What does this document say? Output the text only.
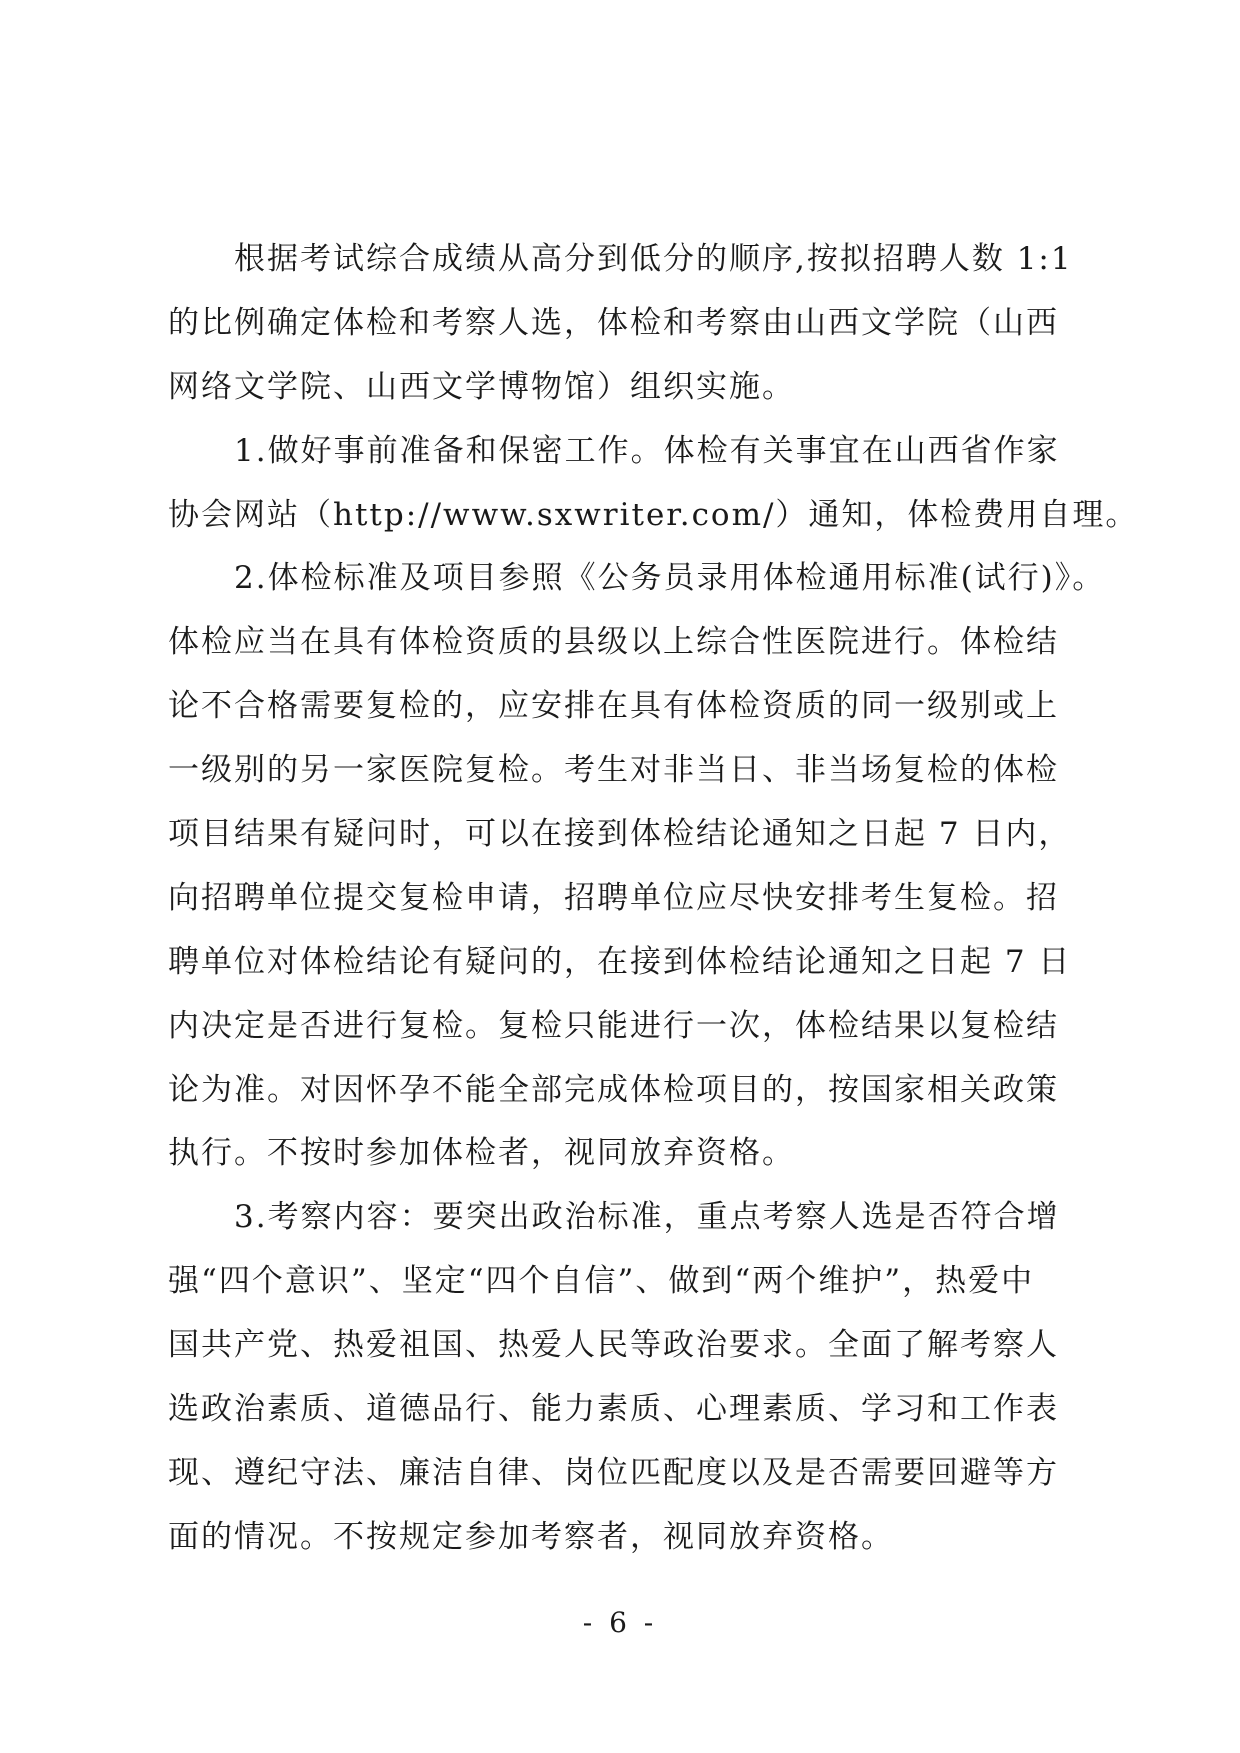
根据考试综合成绩从高分到低分的顺序,按拟招聘人数 1:1
的比例确定体检和考察人选，体检和考察由山西文学院（山西
网络文学院、山西文学博物馆）组织实施。
1.做好事前准备和保密工作。体检有关事宜在山西省作家
协会网站（http://www.sxwriter.com/）通知，体检费用自理。
2.体检标准及项目参照《公务员录用体检通用标准(试行)》。
体检应当在具有体检资质的县级以上综合性医院进行。体检结
论不合格需要复检的，应安排在具有体检资质的同一级别或上
一级别的另一家医院复检。考生对非当日、非当场复检的体检
项目结果有疑问时，可以在接到体检结论通知之日起 7 日内，
向招聘单位提交复检申请，招聘单位应尽快安排考生复检。招
聘单位对体检结论有疑问的，在接到体检结论通知之日起 7 日
内决定是否进行复检。复检只能进行一次，体检结果以复检结
论为准。对因怀孕不能全部完成体检项目的，按国家相关政策
执行。不按时参加体检者，视同放弃资格。
3.考察内容：要突出政治标准，重点考察人选是否符合增
强“四个意识”、坚定“四个自信”、做到“两个维护”，热爱中
国共产党、热爱祖国、热爱人民等政治要求。全面了解考察人
选政治素质、道德品行、能力素质、心理素质、学习和工作表
现、遵纪守法、廉洁自律、岗位匹配度以及是否需要回避等方
面的情况。不按规定参加考察者，视同放弃资格。
- 6 -
